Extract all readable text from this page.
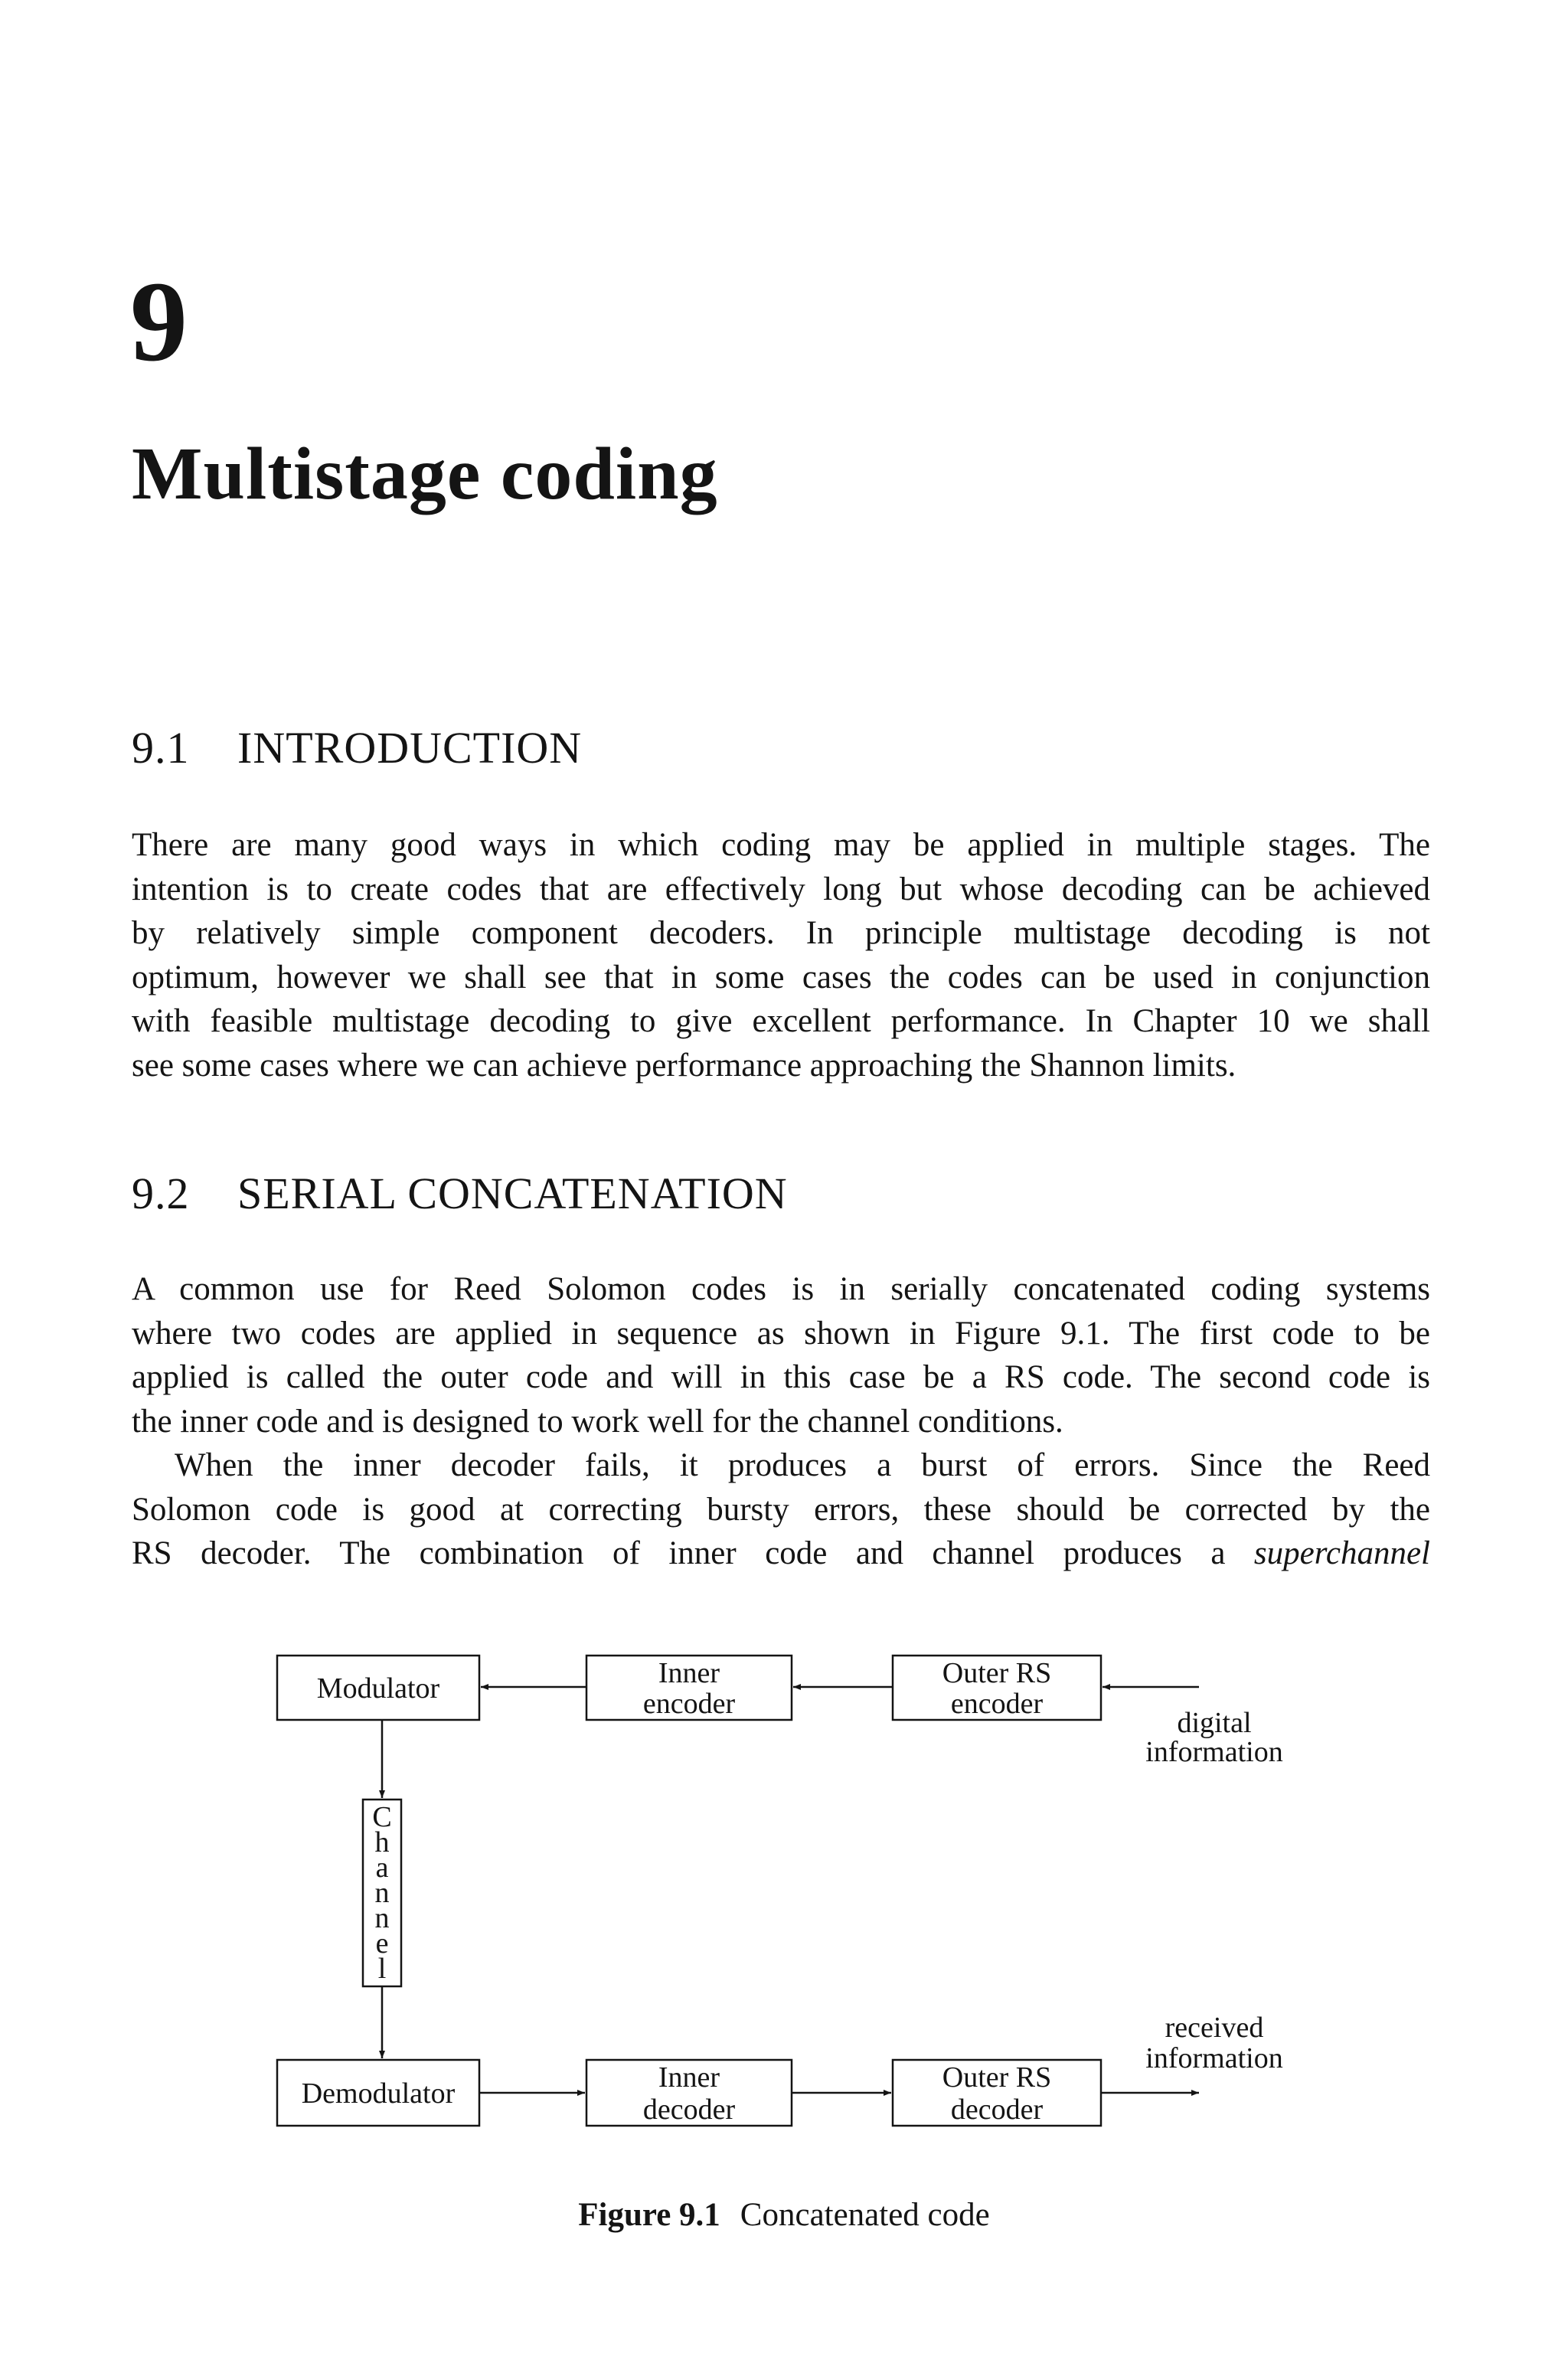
9
Multistage coding
9.1 INTRODUCTION
There are many good ways in which coding may be applied in multiple stages. The
intention is to create codes that are effectively long but whose decoding can be achieved
by relatively simple component decoders. In principle multistage decoding is not
optimum, however we shall see that in some cases the codes can be used in conjunction
with feasible multistage decoding to give excellent performance. In Chapter 10 we shall
see some cases where we can achieve performance approaching the Shannon limits.
9.2 SERIAL CONCATENATION
A common use for Reed Solomon codes is in serially concatenated coding systems
where two codes are applied in sequence as shown in Figure 9.1. The first code to be
applied is called the outer code and will in this case be a RS code. The second code is
the inner code and is designed to work well for the channel conditions.
When the inner decoder fails, it produces a burst of errors. Since the Reed
Solomon code is good at correcting bursty errors, these should be corrected by the
RS decoder. The combination of inner code and channel produces a superchannel
Modulator	Inner
encoder
Outer RS
encoder
digital
information
C
h
a
n
n
e
l
Demodulator	Inner
decoder
Outer RS
decoder
received
information
Figure 9.1 Concatenated code
